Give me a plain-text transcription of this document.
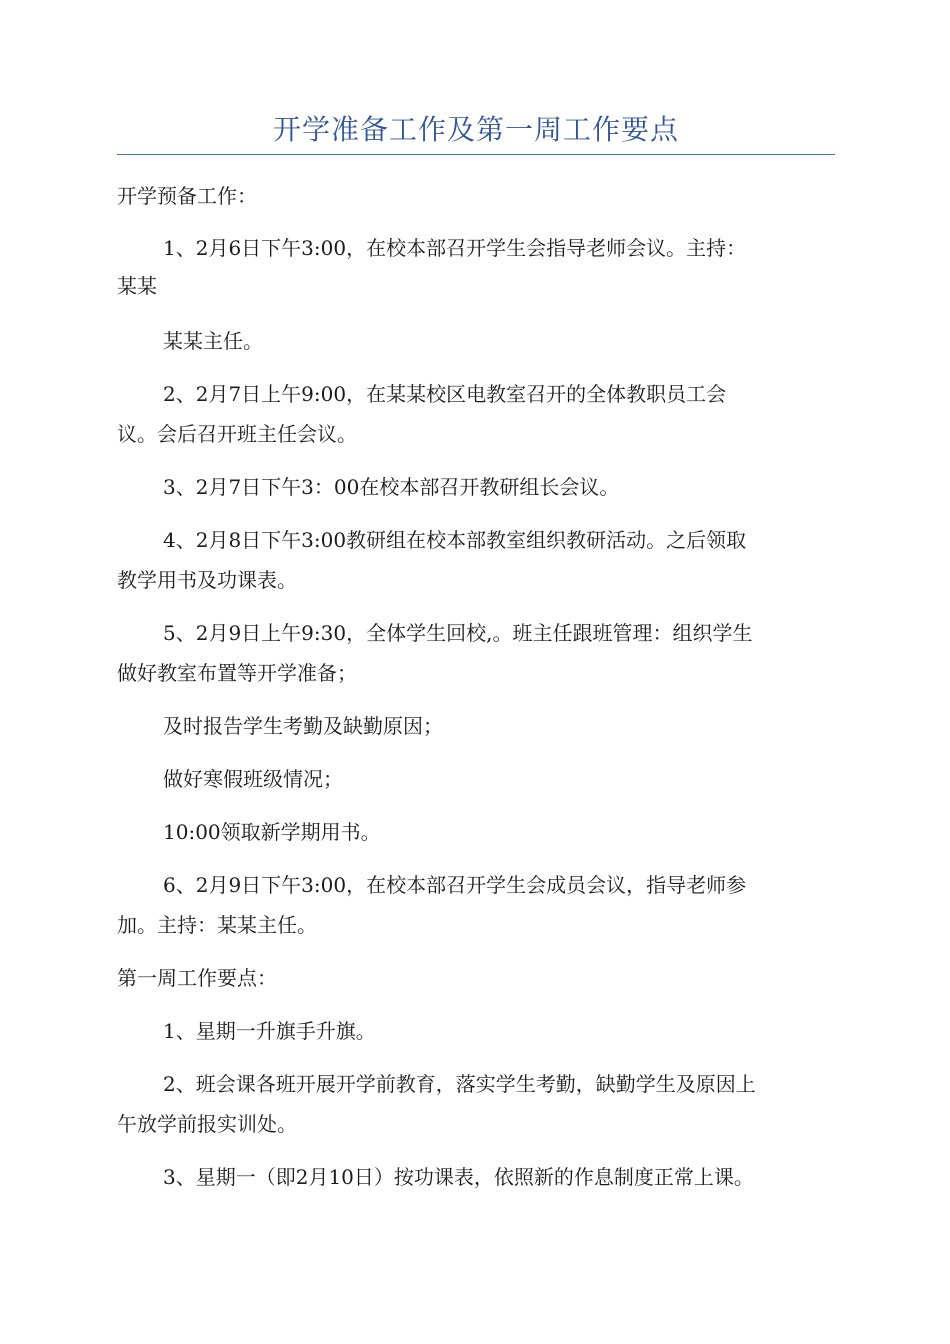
开学准备工作及第一周工作要点
开学预备工作：
1、2月6日下午3:00，在校本部召开学生会指导老师会议。主持：
某某
某某主任。
2、2月7日上午9:00，在某某校区电教室召开的全体教职员工会
议。会后召开班主任会议。
3、2月7日下午3：00在校本部召开教研组长会议。
4、2月8日下午3:00教研组在校本部教室组织教研活动。之后领取
教学用书及功课表。
5、2月9日上午9:30，全体学生回校,。班主任跟班管理：组织学生
做好教室布置等开学准备；
及时报告学生考勤及缺勤原因；
做好寒假班级情况；
10:00领取新学期用书。
6、2月9日下午3:00，在校本部召开学生会成员会议，指导老师参
加。主持：某某主任。
第一周工作要点：
1、星期一升旗手升旗。
2、班会课各班开展开学前教育，落实学生考勤，缺勤学生及原因上
午放学前报实训处。
3、星期一（即2月10日）按功课表，依照新的作息制度正常上课。
